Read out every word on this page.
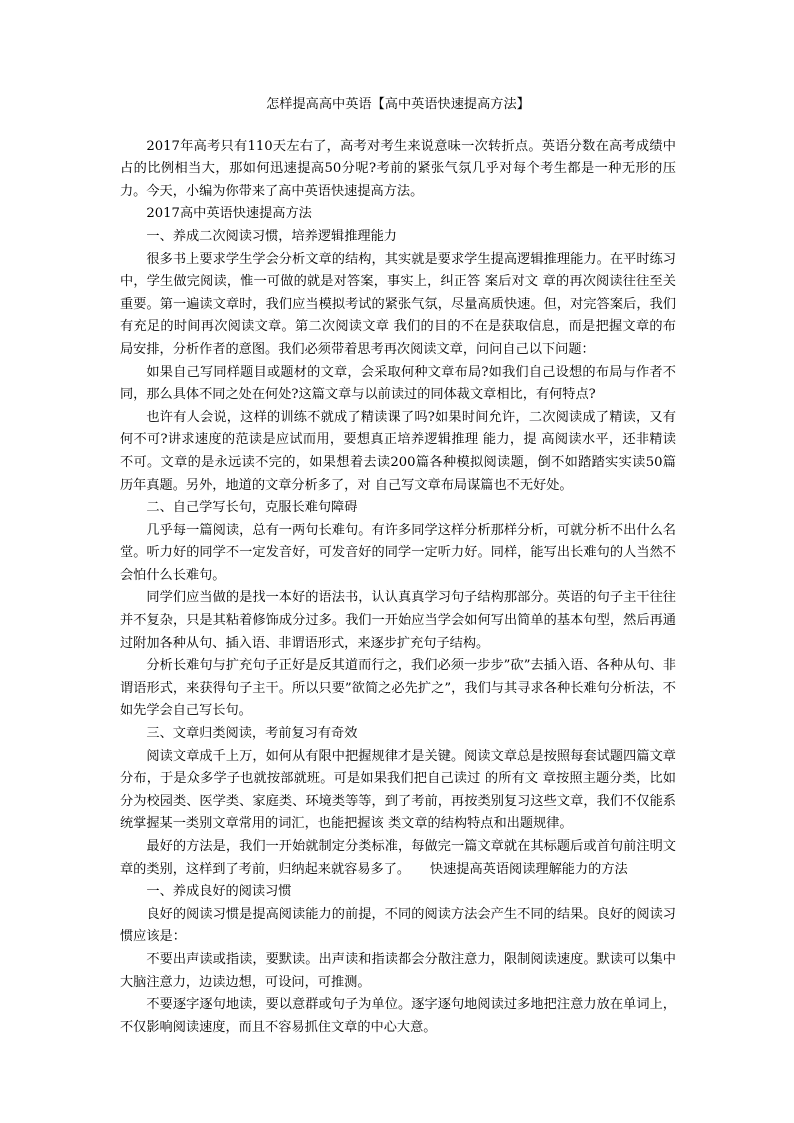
怎样提高高中英语【高中英语快速提高方法】

2017年高考只有110天左右了，高考对考生来说意味一次转折点。英语分数在高考成绩中占的比例相当大，那如何迅速提高50分呢?考前的紧张气氛几乎对每个考生都是一种无形的压力。今天，小编为你带来了高中英语快速提高方法。

2017高中英语快速提高方法

一、养成二次阅读习惯，培养逻辑推理能力

很多书上要求学生学会分析文章的结构，其实就是要求学生提高逻辑推理能力。在平时练习中，学生做完阅读，惟一可做的就是对答案，事实上，纠正答 案后对文 章的再次阅读往往至关重要。第一遍读文章时，我们应当模拟考试的紧张气氛，尽量高质快速。但，对完答案后，我们有充足的时间再次阅读文章。第二次阅读文章 我们的目的不在是获取信息，而是把握文章的布局安排，分析作者的意图。我们必须带着思考再次阅读文章，问问自己以下问题：

如果自己写同样题目或题材的文章，会采取何种文章布局?如我们自己设想的布局与作者不同，那么具体不同之处在何处?这篇文章与以前读过的同体裁文章相比，有何特点?

也许有人会说，这样的训练不就成了精读课了吗?如果时间允许，二次阅读成了精读，又有何不可?讲求速度的范读是应试而用，要想真正培养逻辑推理 能力，提 高阅读水平，还非精读不可。文章的是永远读不完的，如果想着去读200篇各种模拟阅读题，倒不如踏踏实实读50篇历年真题。另外，地道的文章分析多了，对 自己写文章布局谋篇也不无好处。

二、自己学写长句，克服长难句障碍

几乎每一篇阅读，总有一两句长难句。有许多同学这样分析那样分析，可就分析不出什么名堂。听力好的同学不一定发音好，可发音好的同学一定听力好。同样，能写出长难句的人当然不会怕什么长难句。

同学们应当做的是找一本好的语法书，认认真真学习句子结构那部分。英语的句子主干往往并不复杂，只是其粘着修饰成分过多。我们一开始应当学会如何写出简单的基本句型，然后再通过附加各种从句、插入语、非谓语形式，来逐步扩充句子结构。

分析长难句与扩充句子正好是反其道而行之，我们必须一步步”砍”去插入语、各种从句、非谓语形式，来获得句子主干。所以只要”欲简之必先扩之”，我们与其寻求各种长难句分析法，不如先学会自己写长句。

三、文章归类阅读，考前复习有奇效

阅读文章成千上万，如何从有限中把握规律才是关键。阅读文章总是按照每套试题四篇文章分布，于是众多学子也就按部就班。可是如果我们把自己读过 的所有文 章按照主题分类，比如分为校园类、医学类、家庭类、环境类等等，到了考前，再按类别复习这些文章，我们不仅能系统掌握某一类别文章常用的词汇，也能把握该 类文章的结构特点和出题规律。

最好的方法是，我们一开始就制定分类标准，每做完一篇文章就在其标题后或首句前注明文章的类别，这样到了考前，归纳起来就容易多了。　　快速提高英语阅读理解能力的方法

一、养成良好的阅读习惯

良好的阅读习惯是提高阅读能力的前提，不同的阅读方法会产生不同的结果。良好的阅读习惯应该是：

不要出声读或指读，要默读。出声读和指读都会分散注意力，限制阅读速度。默读可以集中大脑注意力，边读边想，可设问，可推测。

不要逐字逐句地读，要以意群或句子为单位。逐字逐句地阅读过多地把注意力放在单词上，不仅影响阅读速度，而且不容易抓住文章的中心大意。
